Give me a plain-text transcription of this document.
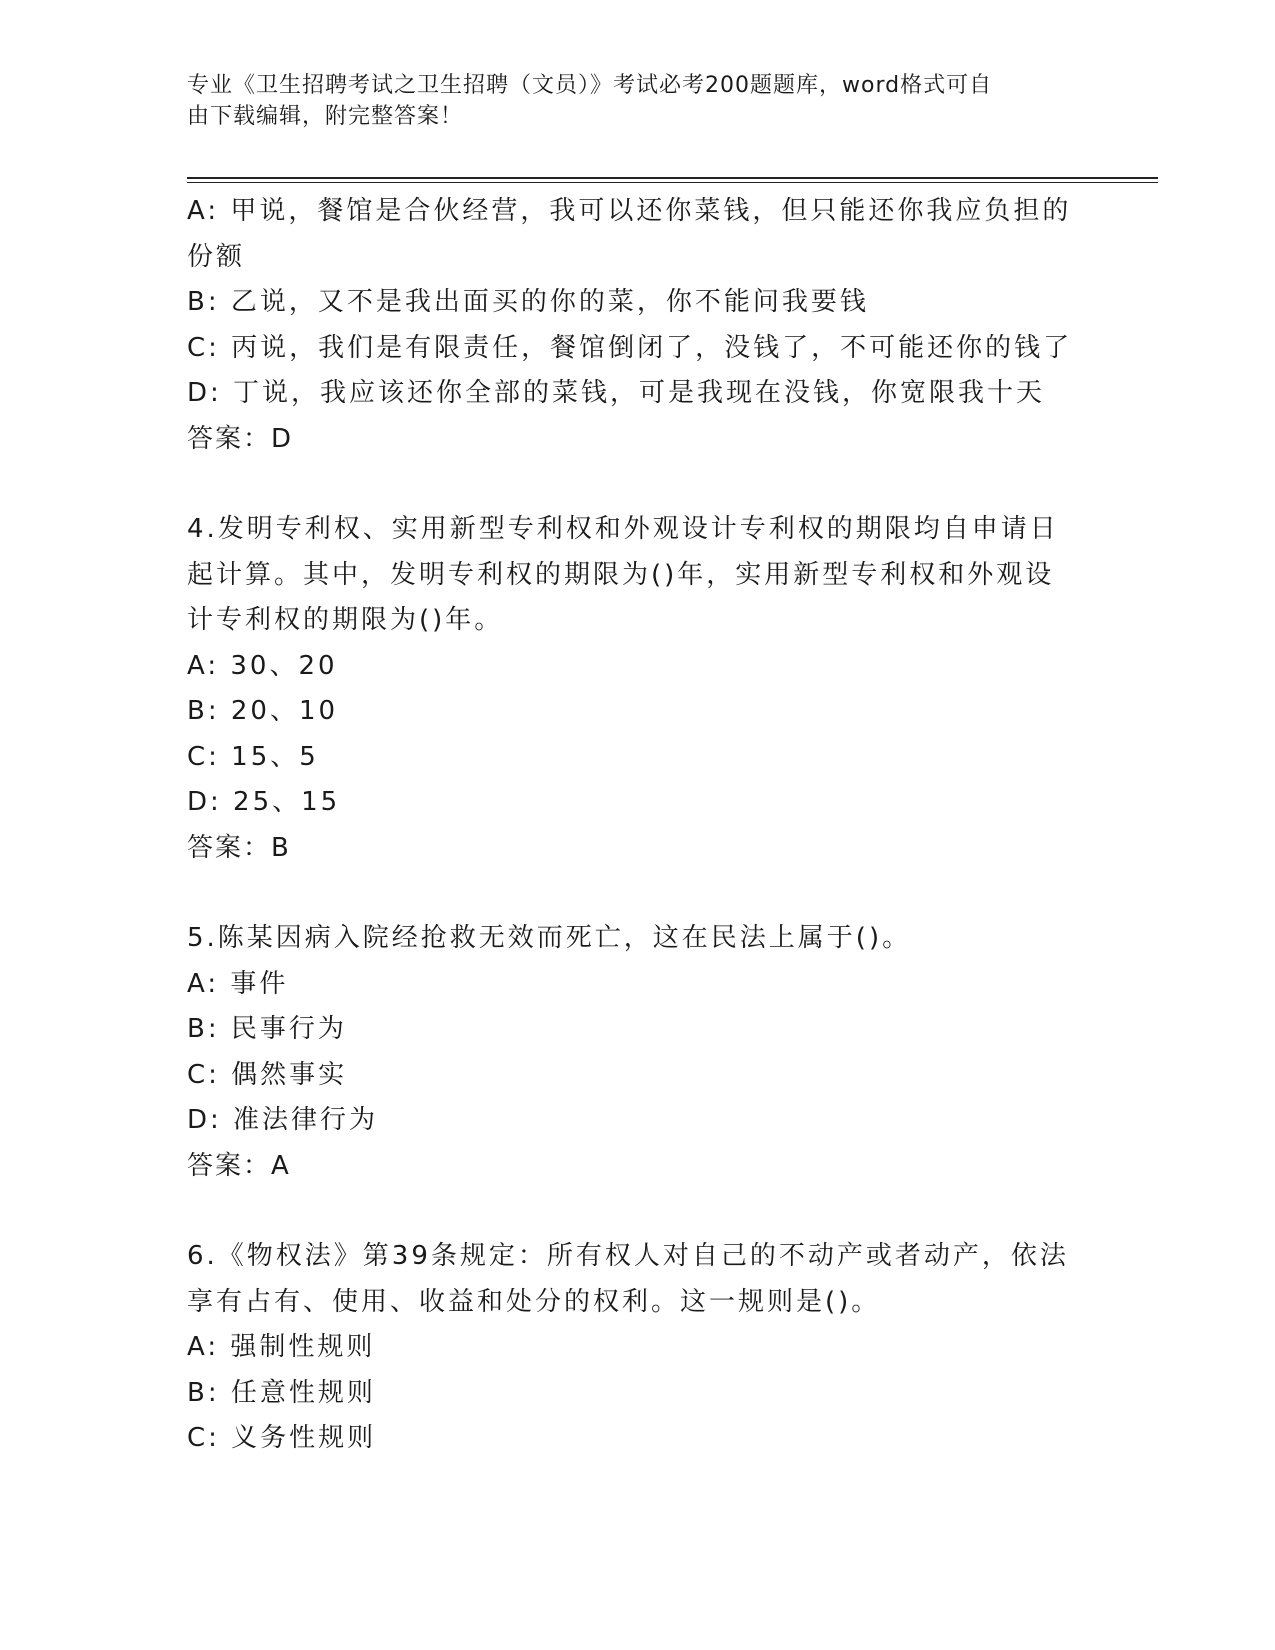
专业《卫生招聘考试之卫生招聘（文员）》考试必考200题题库，word格式可自
由下载编辑，附完整答案！
A: 甲说，餐馆是合伙经营，我可以还你菜钱，但只能还你我应负担的
份额
B: 乙说，又不是我出面买的你的菜，你不能问我要钱
C: 丙说，我们是有限责任，餐馆倒闭了，没钱了，不可能还你的钱了
D: 丁说，我应该还你全部的菜钱，可是我现在没钱，你宽限我十天
答案：D
4.发明专利权、实用新型专利权和外观设计专利权的期限均自申请日
起计算。其中，发明专利权的期限为()年，实用新型专利权和外观设
计专利权的期限为()年。
A: 30、20
B: 20、10
C: 15、5
D: 25、15
答案：B
5.陈某因病入院经抢救无效而死亡，这在民法上属于()。
A: 事件
B: 民事行为
C: 偶然事实
D: 准法律行为
答案：A
6.《物权法》第39条规定：所有权人对自己的不动产或者动产，依法
享有占有、使用、收益和处分的权利。这一规则是()。
A: 强制性规则
B: 任意性规则
C: 义务性规则
